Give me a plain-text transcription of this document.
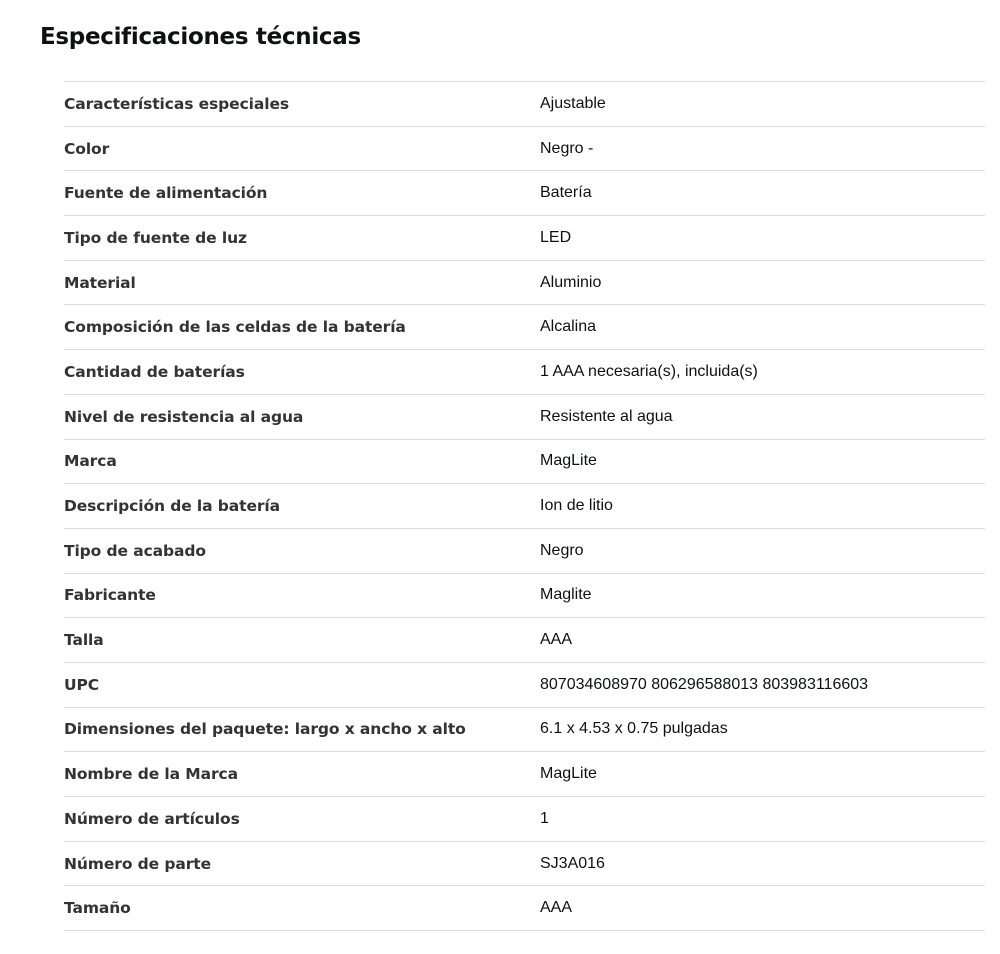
Especificaciones técnicas
Características especiales	Ajustable
Color	Negro -
Fuente de alimentación	Batería
Tipo de fuente de luz	LED
Material	Aluminio
Composición de las celdas de la batería	Alcalina
Cantidad de baterías	1 AAA necesaria(s), incluida(s)
Nivel de resistencia al agua	Resistente al agua
Marca	MagLite
Descripción de la batería	Ion de litio
Tipo de acabado	Negro
Fabricante	Maglite
Talla	AAA
UPC	807034608970 806296588013 803983116603
Dimensiones del paquete: largo x ancho x alto	6.1 x 4.53 x 0.75 pulgadas
Nombre de la Marca	MagLite
Número de artículos	1
Número de parte	SJ3A016
Tamaño	AAA
